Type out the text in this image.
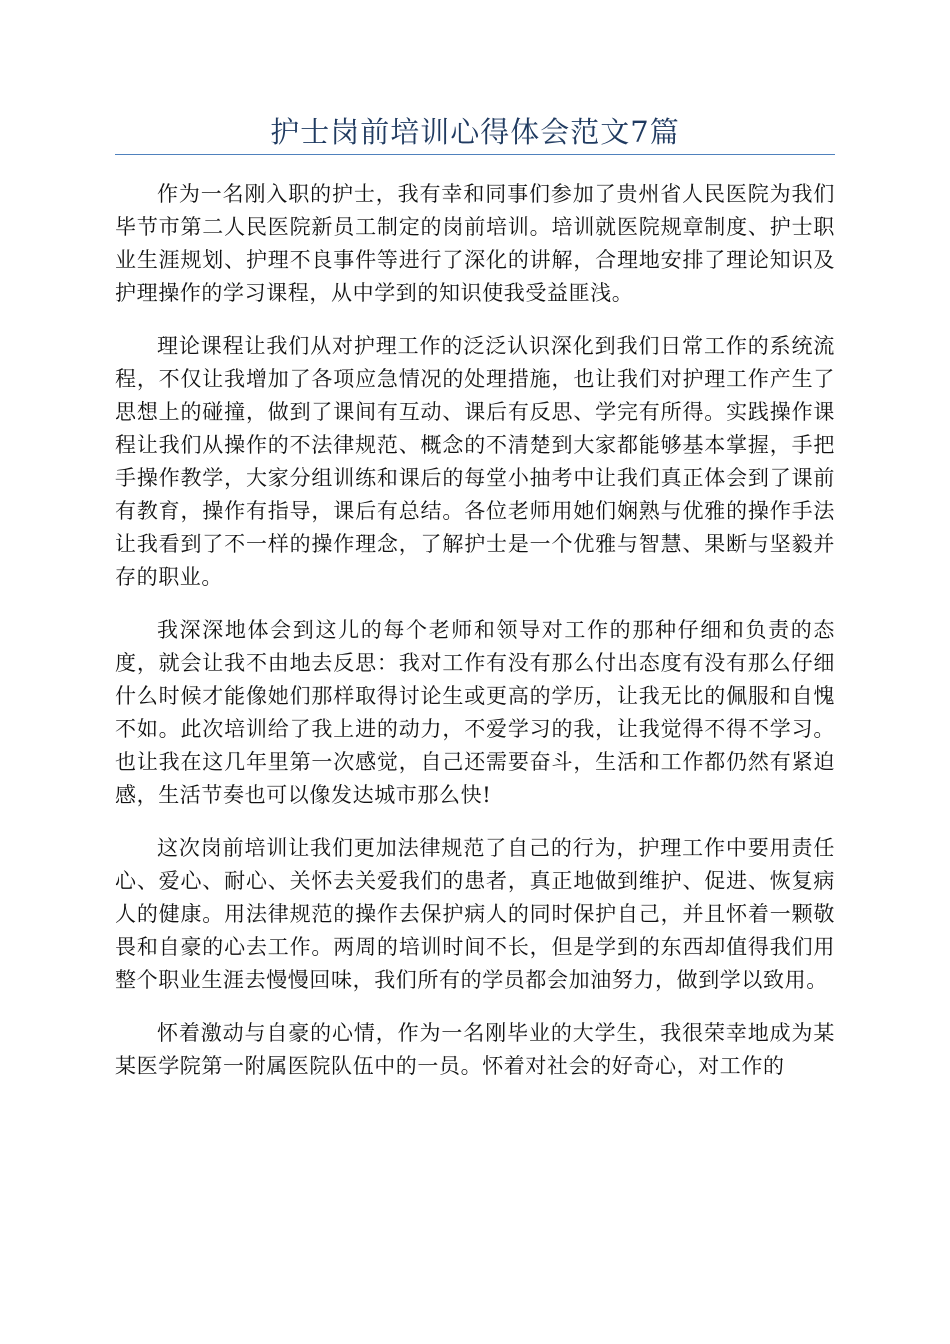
护士岗前培训心得体会范文7篇

作为一名刚入职的护士，我有幸和同事们参加了贵州省人民医院为我们毕节市第二人民医院新员工制定的岗前培训。培训就医院规章制度、护士职业生涯规划、护理不良事件等进行了深化的讲解，合理地安排了理论知识及护理操作的学习课程，从中学到的知识使我受益匪浅。

理论课程让我们从对护理工作的泛泛认识深化到我们日常工作的系统流程，不仅让我增加了各项应急情况的处理措施，也让我们对护理工作产生了思想上的碰撞，做到了课间有互动、课后有反思、学完有所得。实践操作课程让我们从操作的不法律规范、概念的不清楚到大家都能够基本掌握，手把手操作教学，大家分组训练和课后的每堂小抽考中让我们真正体会到了课前有教育，操作有指导，课后有总结。各位老师用她们娴熟与优雅的操作手法让我看到了不一样的操作理念，了解护士是一个优雅与智慧、果断与坚毅并存的职业。

我深深地体会到这儿的每个老师和领导对工作的那种仔细和负责的态度，就会让我不由地去反思：我对工作有没有那么付出态度有没有那么仔细什么时候才能像她们那样取得讨论生或更高的学历，让我无比的佩服和自愧不如。此次培训给了我上进的动力，不爱学习的我，让我觉得不得不学习。也让我在这几年里第一次感觉，自己还需要奋斗，生活和工作都仍然有紧迫感，生活节奏也可以像发达城市那么快!

这次岗前培训让我们更加法律规范了自己的行为，护理工作中要用责任心、爱心、耐心、关怀去关爱我们的患者，真正地做到维护、促进、恢复病人的健康。用法律规范的操作去保护病人的同时保护自己，并且怀着一颗敬畏和自豪的心去工作。两周的培训时间不长，但是学到的东西却值得我们用整个职业生涯去慢慢回味，我们所有的学员都会加油努力，做到学以致用。

怀着激动与自豪的心情，作为一名刚毕业的大学生，我很荣幸地成为某某医学院第一附属医院队伍中的一员。怀着对社会的好奇心，对工作的
